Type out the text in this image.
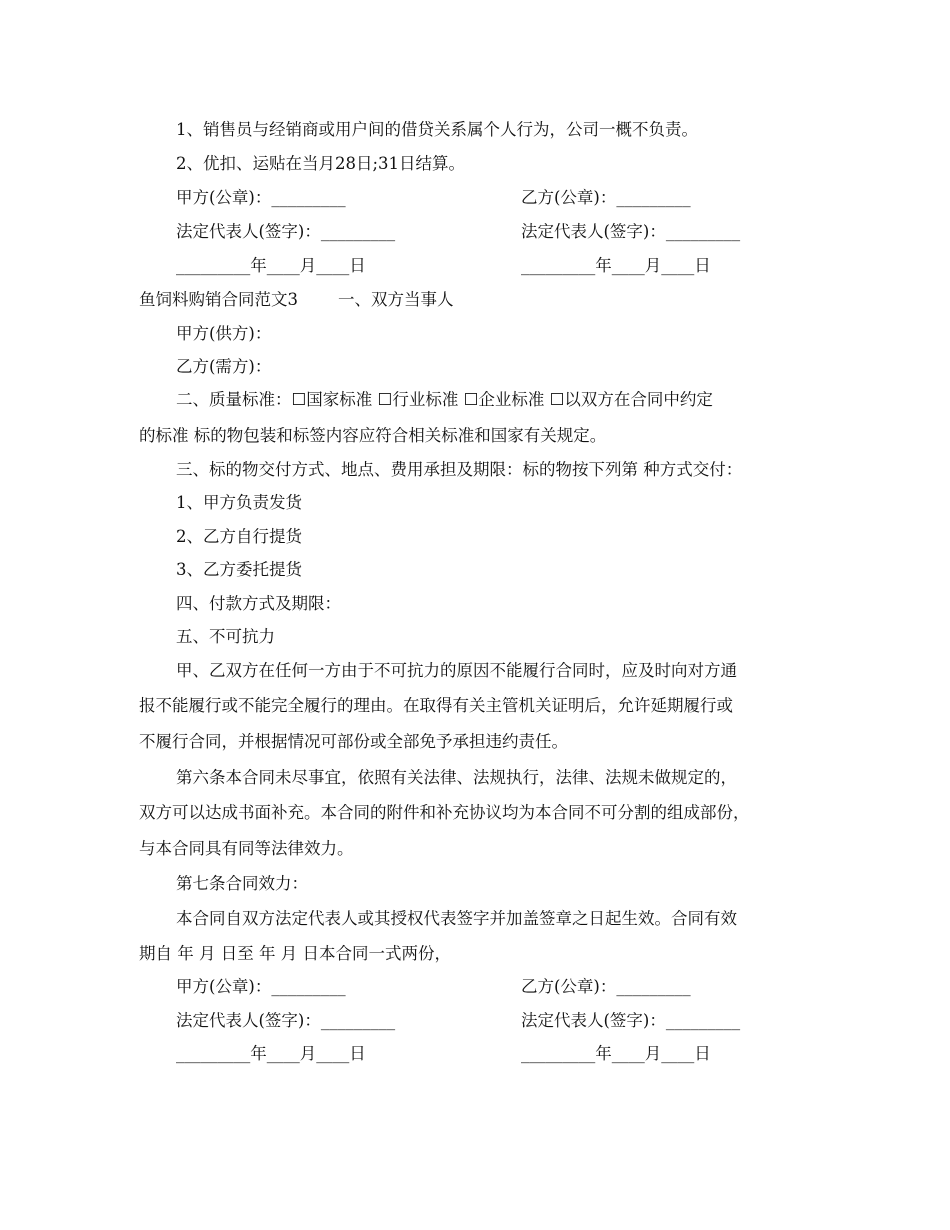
1、销售员与经销商或用户间的借贷关系属个人行为，公司一概不负责。
2、优扣、运贴在当月28日;31日结算。
甲方(公章)：_________	乙方(公章)：_________
法定代表人(签字)：_________	法定代表人(签字)：_________
_________年____月____日	_________年____月____日
鱼饲料购销合同范文3 一、双方当事人
甲方(供方)：
乙方(需方)：
二、质量标准：☐国家标准 ☐行业标准 ☐企业标准 ☐以双方在合同中约定
的标准 标的物包装和标签内容应符合相关标准和国家有关规定。
三、标的物交付方式、地点、费用承担及期限：标的物按下列第 种方式交付：
1、甲方负责发货
2、乙方自行提货
3、乙方委托提货
四、付款方式及期限：
五、不可抗力
甲、乙双方在任何一方由于不可抗力的原因不能履行合同时，应及时向对方通
报不能履行或不能完全履行的理由。在取得有关主管机关证明后，允许延期履行或
不履行合同，并根据情况可部份或全部免予承担违约责任。
第六条本合同未尽事宜，依照有关法律、法规执行，法律、法规未做规定的，
双方可以达成书面补充。本合同的附件和补充协议均为本合同不可分割的组成部份，
与本合同具有同等法律效力。
第七条合同效力：
本合同自双方法定代表人或其授权代表签字并加盖签章之日起生效。合同有效
期自 年 月 日至 年 月 日本合同一式两份，
甲方(公章)：_________	乙方(公章)：_________
法定代表人(签字)：_________	法定代表人(签字)：_________
_________年____月____日	_________年____月____日
